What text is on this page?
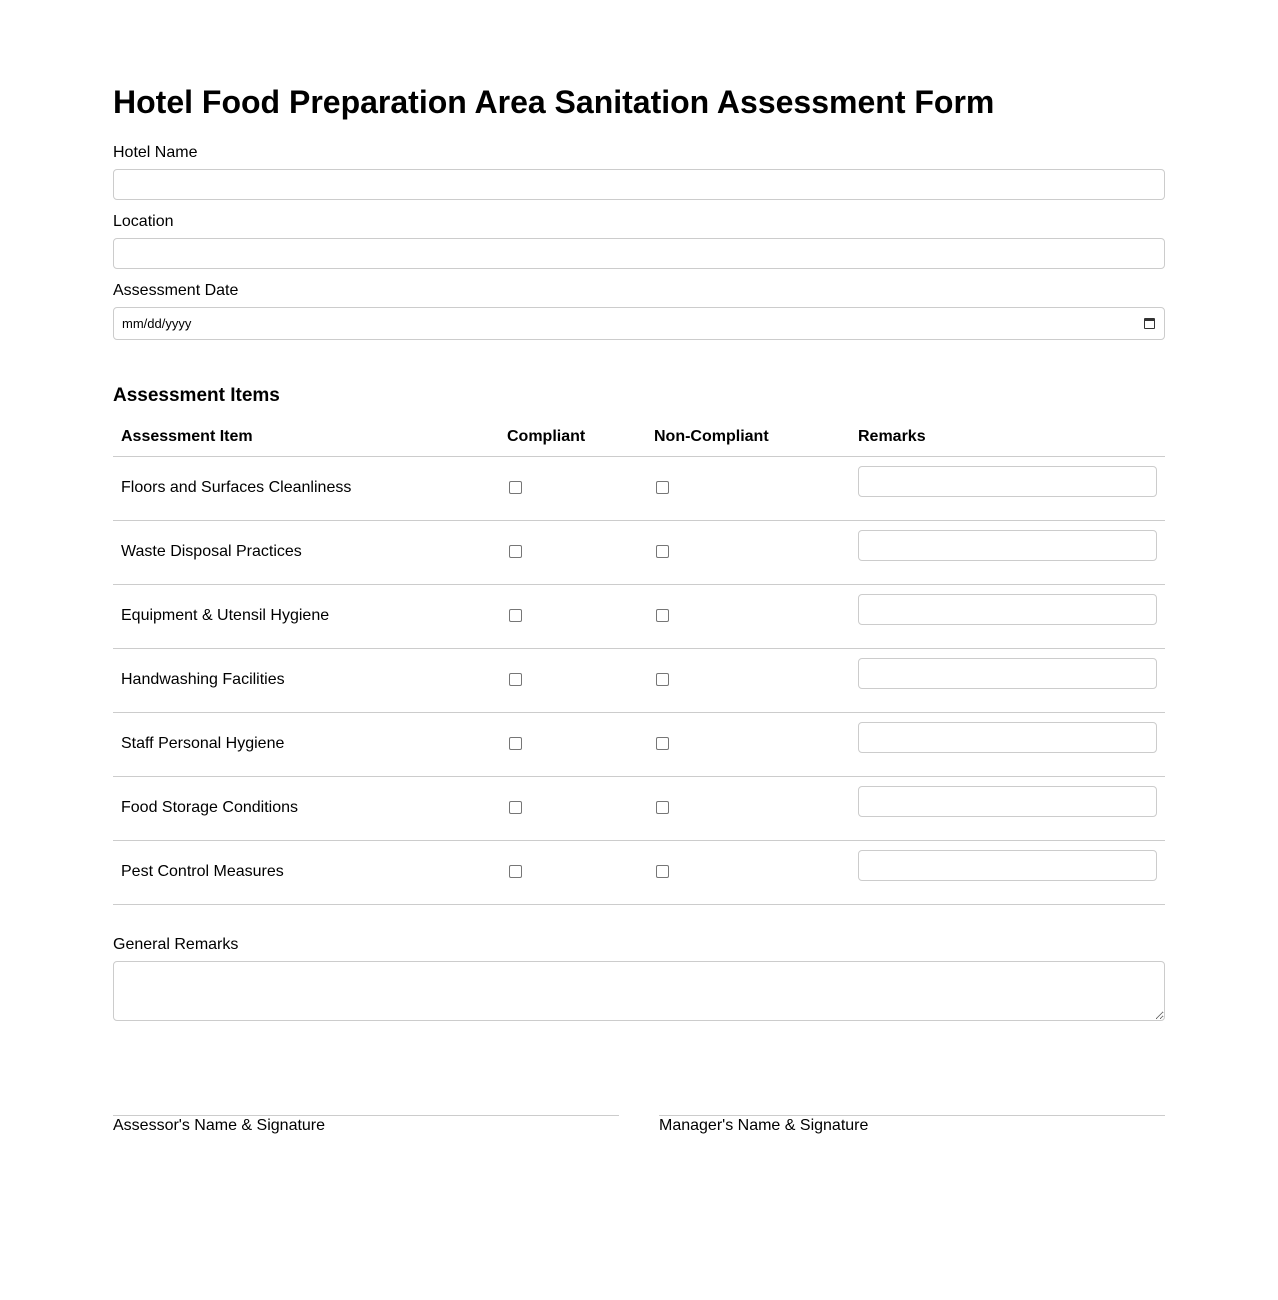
Hotel Food Preparation Area Sanitation Assessment Form
Hotel Name
Location
Assessment Date
mm/dd/yyyy
Assessment Items
Assessment Item	Compliant	Non-Compliant	Remarks
Floors and Surfaces Cleanliness			

Waste Disposal Practices			

Equipment & Utensil Hygiene			

Handwashing Facilities			

Staff Personal Hygiene			

Food Storage Conditions			

Pest Control Measures			
General Remarks
Assessor's Name & Signature	Manager's Name & Signature
